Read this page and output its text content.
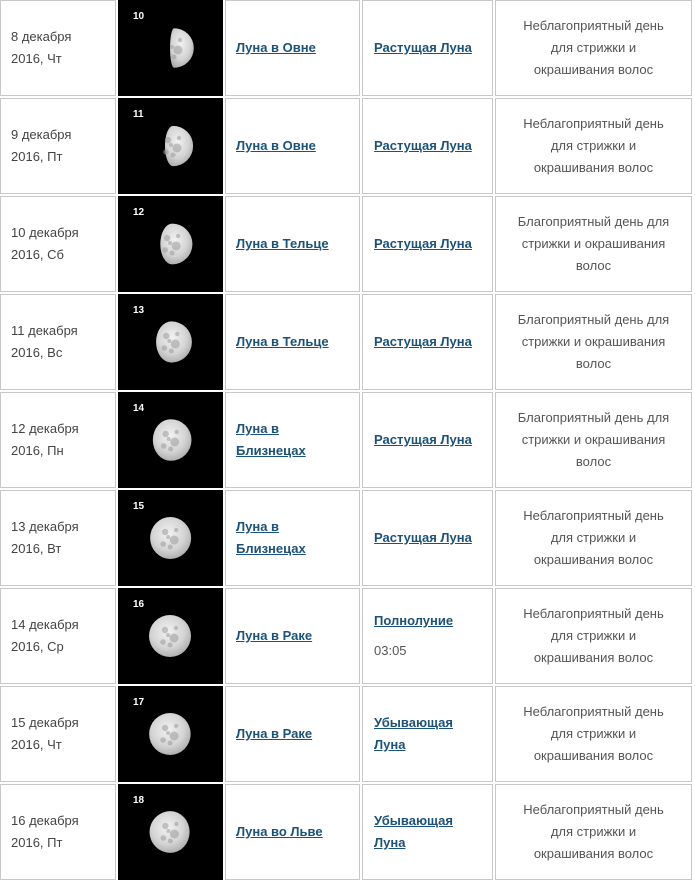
8 декабря
2016, Чт	10	Луна в Овне	Растущая Луна	Неблагоприятный день
для стрижки и
окрашивания волос
9 декабря
2016, Пт	11	Луна в Овне	Растущая Луна	Неблагоприятный день
для стрижки и
окрашивания волос
10 декабря
2016, Сб	12	Луна в Тельце	Растущая Луна	Благоприятный день для
стрижки и окрашивания
волос
11 декабря
2016, Вс	13	Луна в Тельце	Растущая Луна	Благоприятный день для
стрижки и окрашивания
волос
12 декабря
2016, Пн	14	Луна в
Близнецах	Растущая Луна	Благоприятный день для
стрижки и окрашивания
волос
13 декабря
2016, Вт	15	Луна в
Близнецах	Растущая Луна	Неблагоприятный день
для стрижки и
окрашивания волос
14 декабря
2016, Ср	16	Луна в Раке	Полнолуние
03:05	Неблагоприятный день
для стрижки и
окрашивания волос
15 декабря
2016, Чт	17	Луна в Раке	Убывающая
Луна	Неблагоприятный день
для стрижки и
окрашивания волос
16 декабря
2016, Пт	18	Луна во Льве	Убывающая
Луна	Неблагоприятный день
для стрижки и
окрашивания волос
